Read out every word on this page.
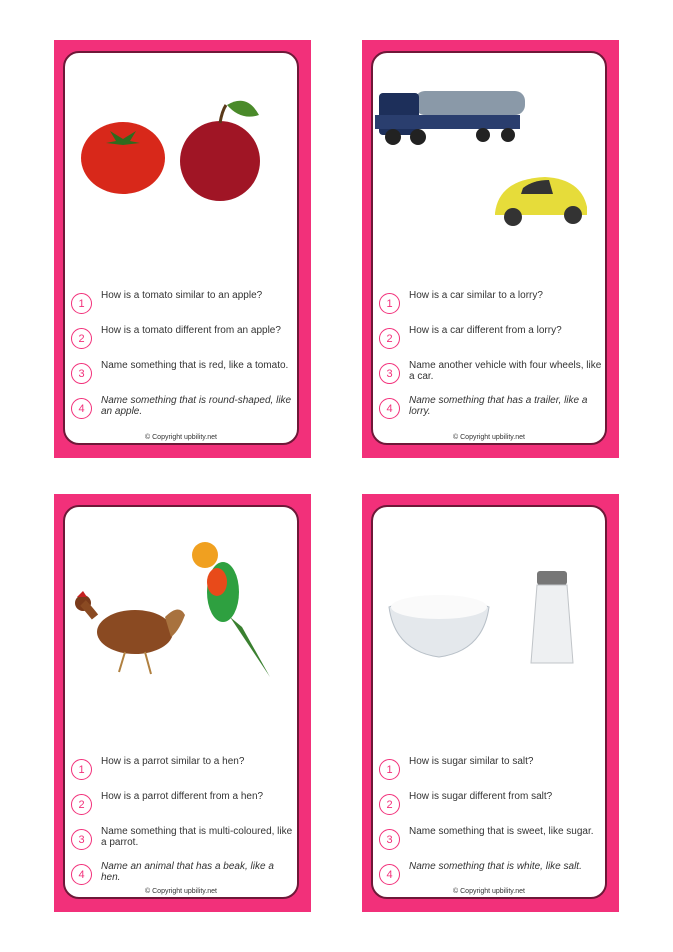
1
How is a tomato similar to an apple?
2
How is a tomato different from an apple?
3
Name something that is red, like a tomato.
4
Name something that is round-shaped, like an apple.
© Copyright upbility.net
1
How is a car similar to a lorry?
2
How is a car different from a lorry?
3
Name another vehicle with four wheels, like a car.
4
Name something that has a trailer, like a lorry.
© Copyright upbility.net
1
How is a parrot similar to a hen?
2
How is a parrot different from a hen?
3
Name something that is multi-coloured, like a parrot.
4
Name an animal that has a beak, like a hen.
© Copyright upbility.net
1
How is sugar similar to salt?
2
How is sugar different from salt?
3
Name something that is sweet, like sugar.
4
Name something that is white, like salt.
© Copyright upbility.net
